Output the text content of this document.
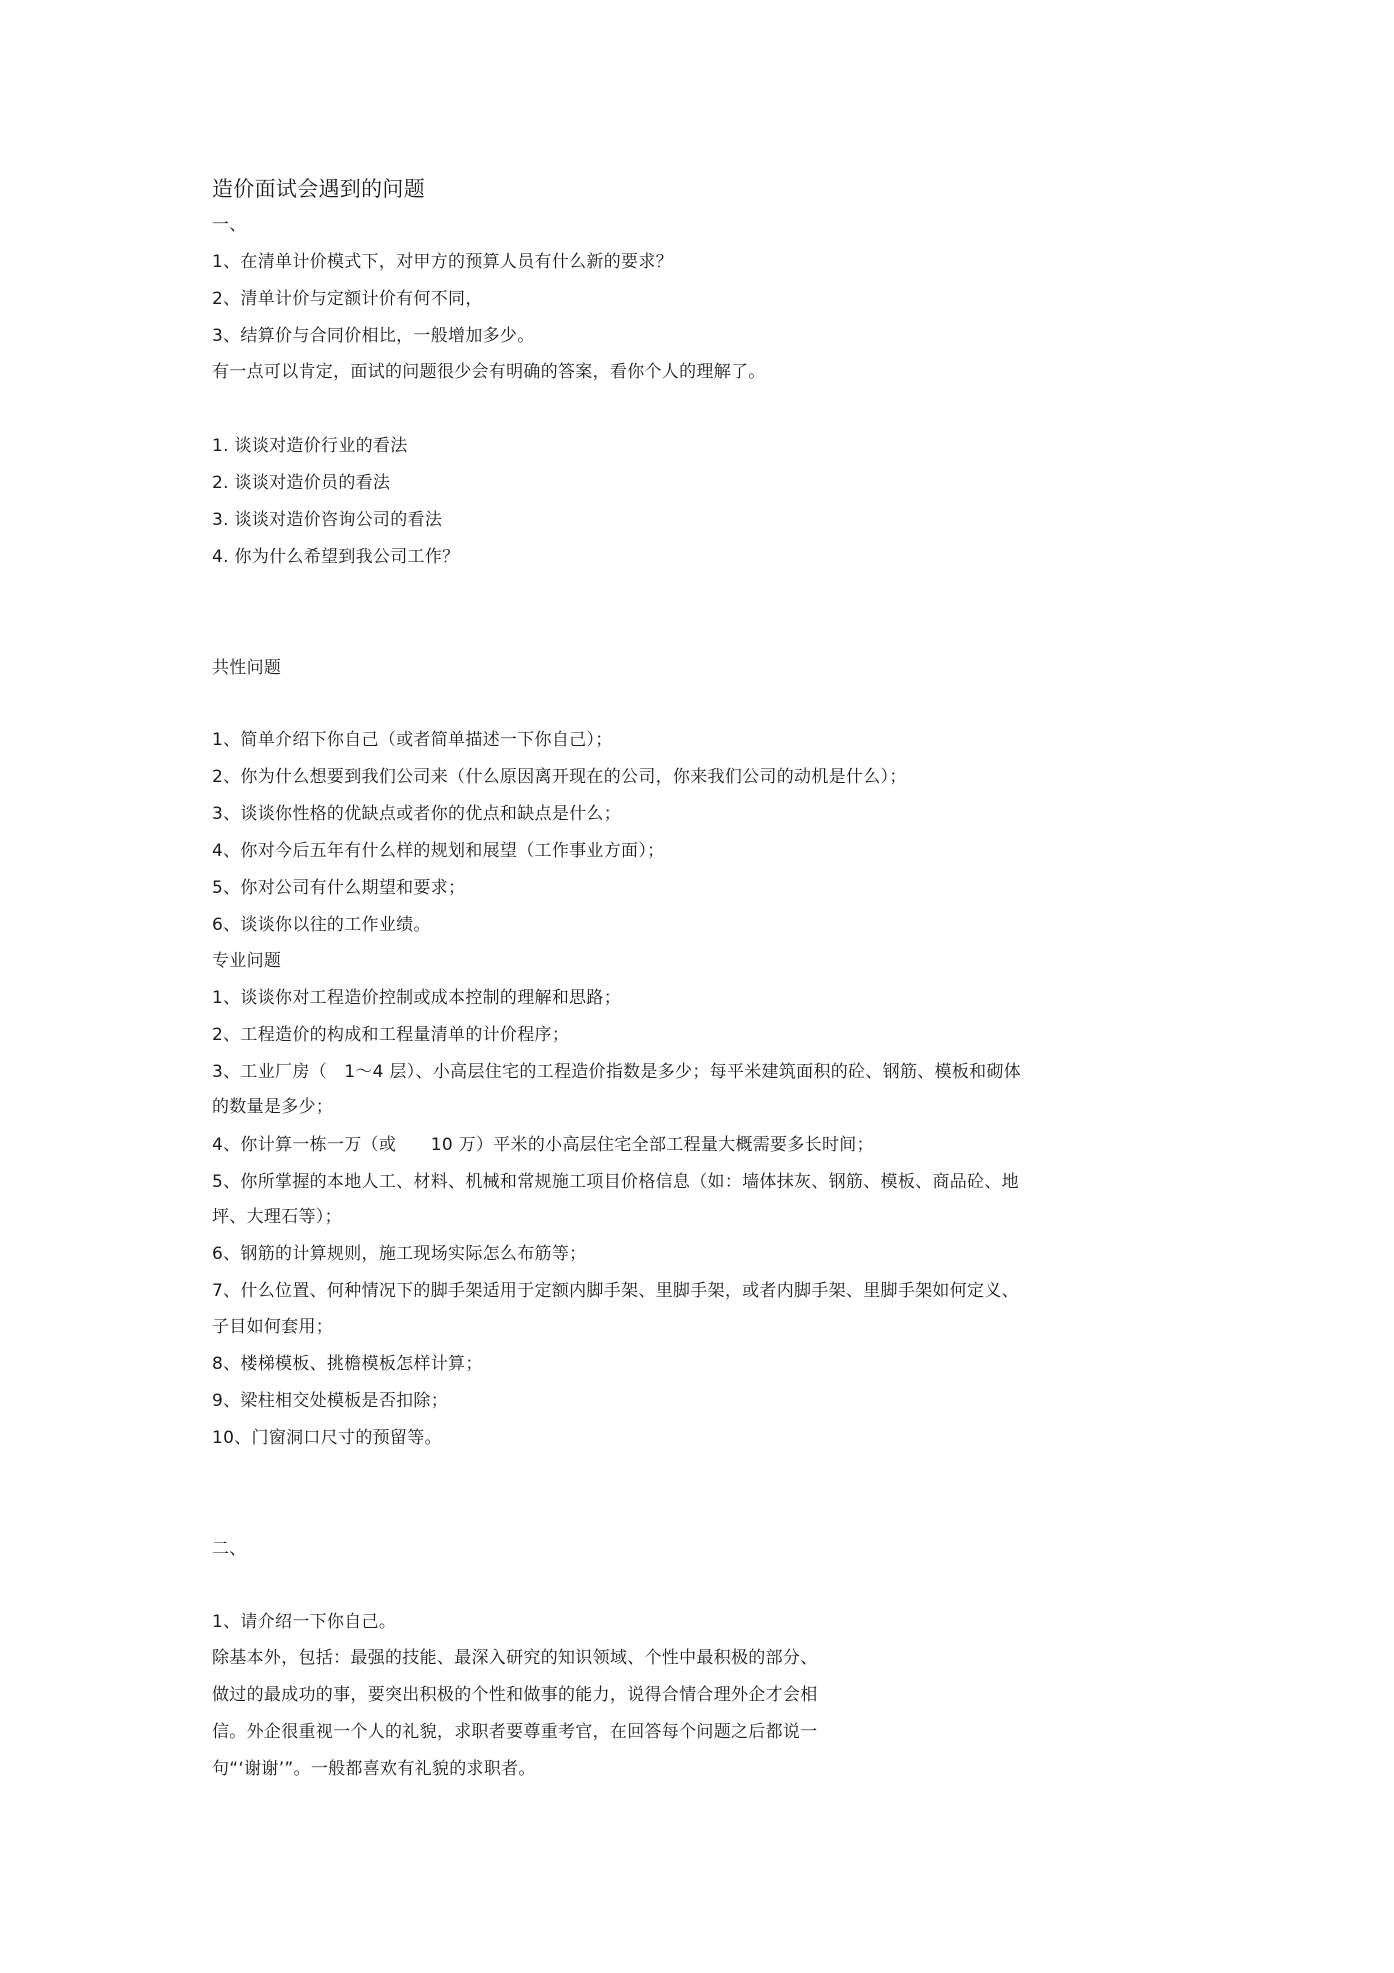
造价面试会遇到的问题
一、
1、在清单计价模式下，对甲方的预算人员有什么新的要求？
2、清单计价与定额计价有何不同，
3、结算价与合同价相比，一般增加多少。
有一点可以肯定，面试的问题很少会有明确的答案，看你个人的理解了。
1. 谈谈对造价行业的看法
2. 谈谈对造价员的看法
3. 谈谈对造价咨询公司的看法
4. 你为什么希望到我公司工作？
共性问题
1、简单介绍下你自己（或者简单描述一下你自己）；
2、你为什么想要到我们公司来（什么原因离开现在的公司，你来我们公司的动机是什么）；
3、谈谈你性格的优缺点或者你的优点和缺点是什么；
4、你对今后五年有什么样的规划和展望（工作事业方面）；
5、你对公司有什么期望和要求；
6、谈谈你以往的工作业绩。
专业问题
1、谈谈你对工程造价控制或成本控制的理解和思路；
2、工程造价的构成和工程量清单的计价程序；
3、工业厂房（　1～4 层）、小高层住宅的工程造价指数是多少；每平米建筑面积的砼、钢筋、模板和砌体
的数量是多少；
4、你计算一栋一万（或　　10 万）平米的小高层住宅全部工程量大概需要多长时间；
5、你所掌握的本地人工、材料、机械和常规施工项目价格信息（如：墙体抹灰、钢筋、模板、商品砼、地
坪、大理石等）；
6、钢筋的计算规则，施工现场实际怎么布筋等；
7、什么位置、何种情况下的脚手架适用于定额内脚手架、里脚手架，或者内脚手架、里脚手架如何定义、
子目如何套用；
8、楼梯模板、挑檐模板怎样计算；
9、梁柱相交处模板是否扣除；
10、门窗洞口尺寸的预留等。
二、
1、请介绍一下你自己。
除基本外，包括：最强的技能、最深入研究的知识领域、个性中最积极的部分、
做过的最成功的事，要突出积极的个性和做事的能力，说得合情合理外企才会相
信。外企很重视一个人的礼貌，求职者要尊重考官，在回答每个问题之后都说一
句“‘谢谢’”。一般都喜欢有礼貌的求职者。
